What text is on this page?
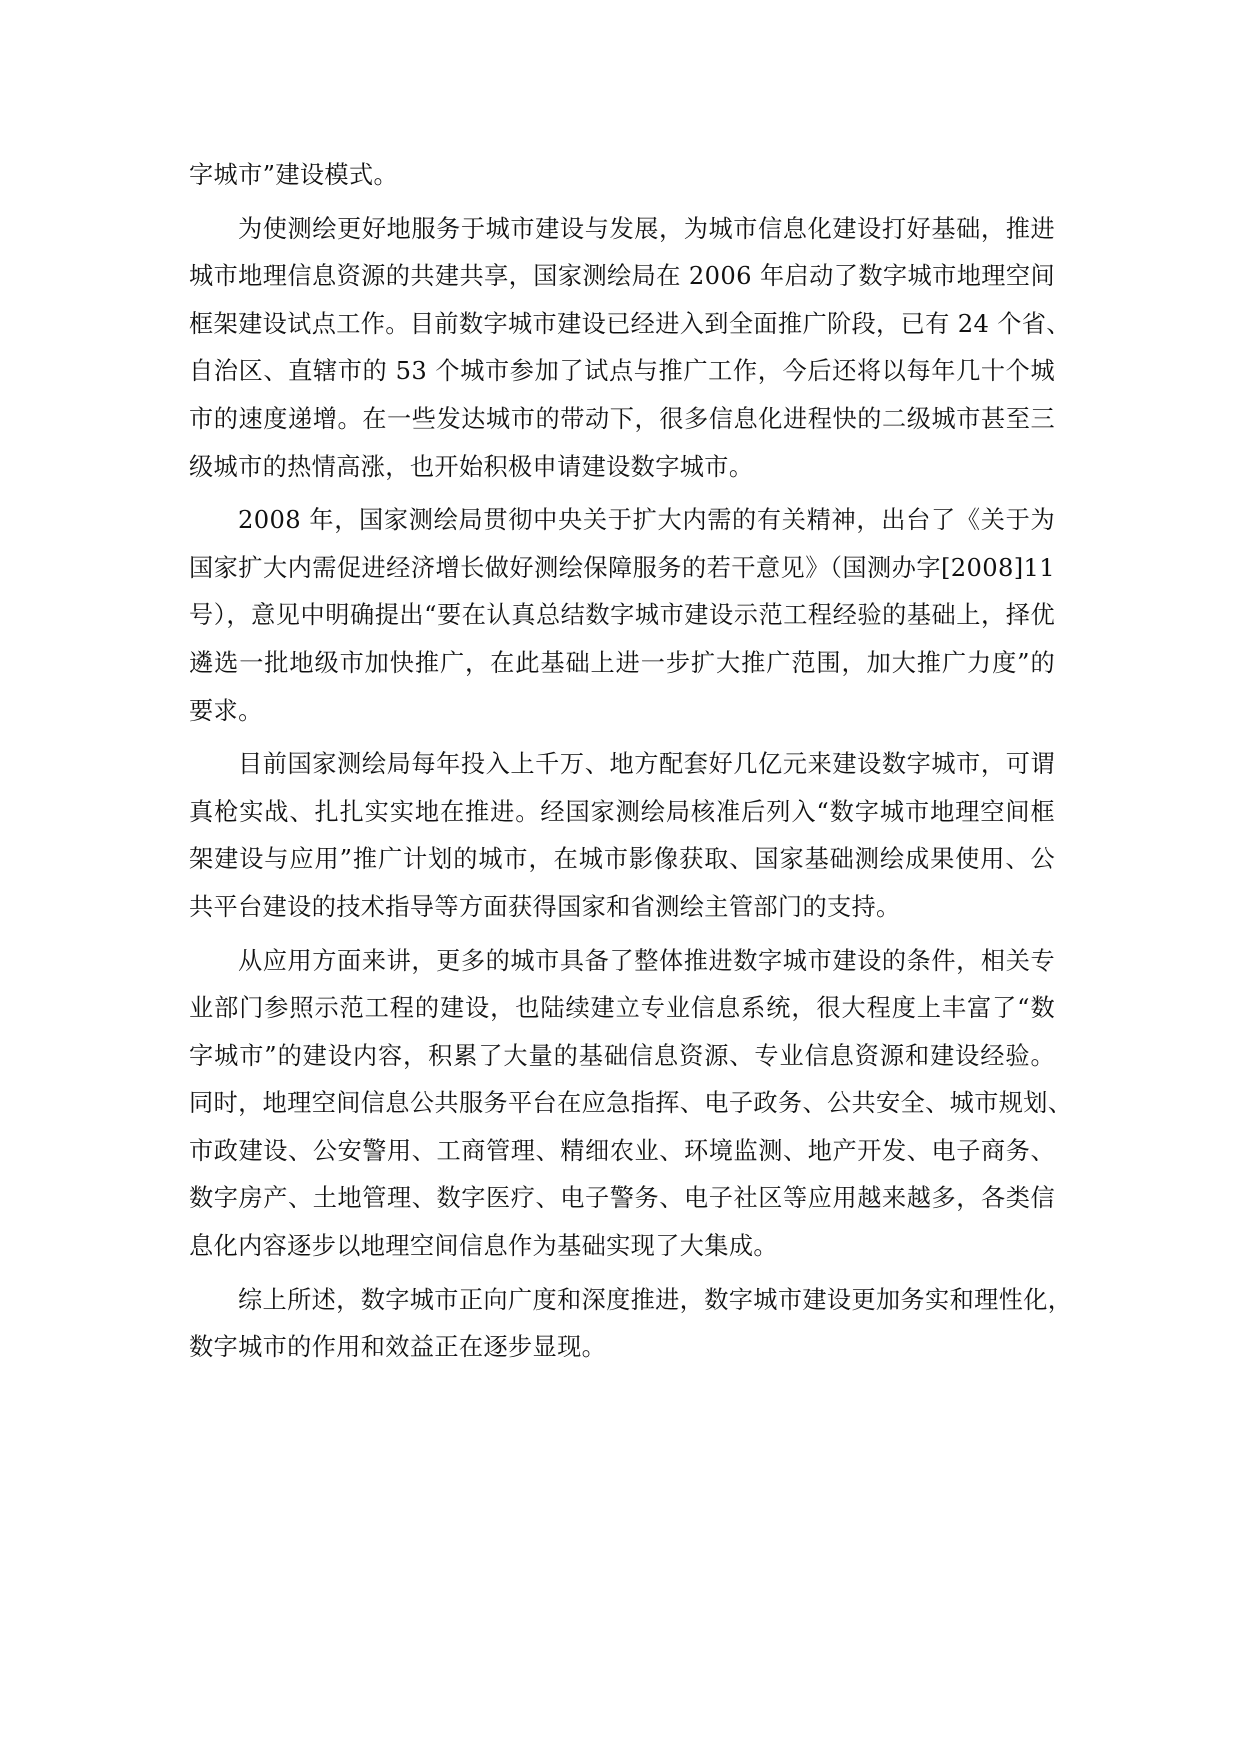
字城市”建设模式。
为使测绘更好地服务于城市建设与发展，为城市信息化建设打好基础，推进
城市地理信息资源的共建共享，国家测绘局在 2006 年启动了数字城市地理空间
框架建设试点工作。目前数字城市建设已经进入到全面推广阶段，已有 24 个省、
自治区、直辖市的 53 个城市参加了试点与推广工作，今后还将以每年几十个城
市的速度递增。在一些发达城市的带动下，很多信息化进程快的二级城市甚至三
级城市的热情高涨，也开始积极申请建设数字城市。
2008 年，国家测绘局贯彻中央关于扩大内需的有关精神，出台了《关于为
国家扩大内需促进经济增长做好测绘保障服务的若干意见》（国测办字[2008]11
号），意见中明确提出“要在认真总结数字城市建设示范工程经验的基础上，择优
遴选一批地级市加快推广，在此基础上进一步扩大推广范围，加大推广力度”的
要求。
目前国家测绘局每年投入上千万、地方配套好几亿元来建设数字城市，可谓
真枪实战、扎扎实实地在推进。经国家测绘局核准后列入“数字城市地理空间框
架建设与应用”推广计划的城市，在城市影像获取、国家基础测绘成果使用、公
共平台建设的技术指导等方面获得国家和省测绘主管部门的支持。
从应用方面来讲，更多的城市具备了整体推进数字城市建设的条件，相关专
业部门参照示范工程的建设，也陆续建立专业信息系统，很大程度上丰富了“数
字城市”的建设内容，积累了大量的基础信息资源、专业信息资源和建设经验。
同时，地理空间信息公共服务平台在应急指挥、电子政务、公共安全、城市规划、
市政建设、公安警用、工商管理、精细农业、环境监测、地产开发、电子商务、
数字房产、土地管理、数字医疗、电子警务、电子社区等应用越来越多，各类信
息化内容逐步以地理空间信息作为基础实现了大集成。
综上所述，数字城市正向广度和深度推进，数字城市建设更加务实和理性化，
数字城市的作用和效益正在逐步显现。
